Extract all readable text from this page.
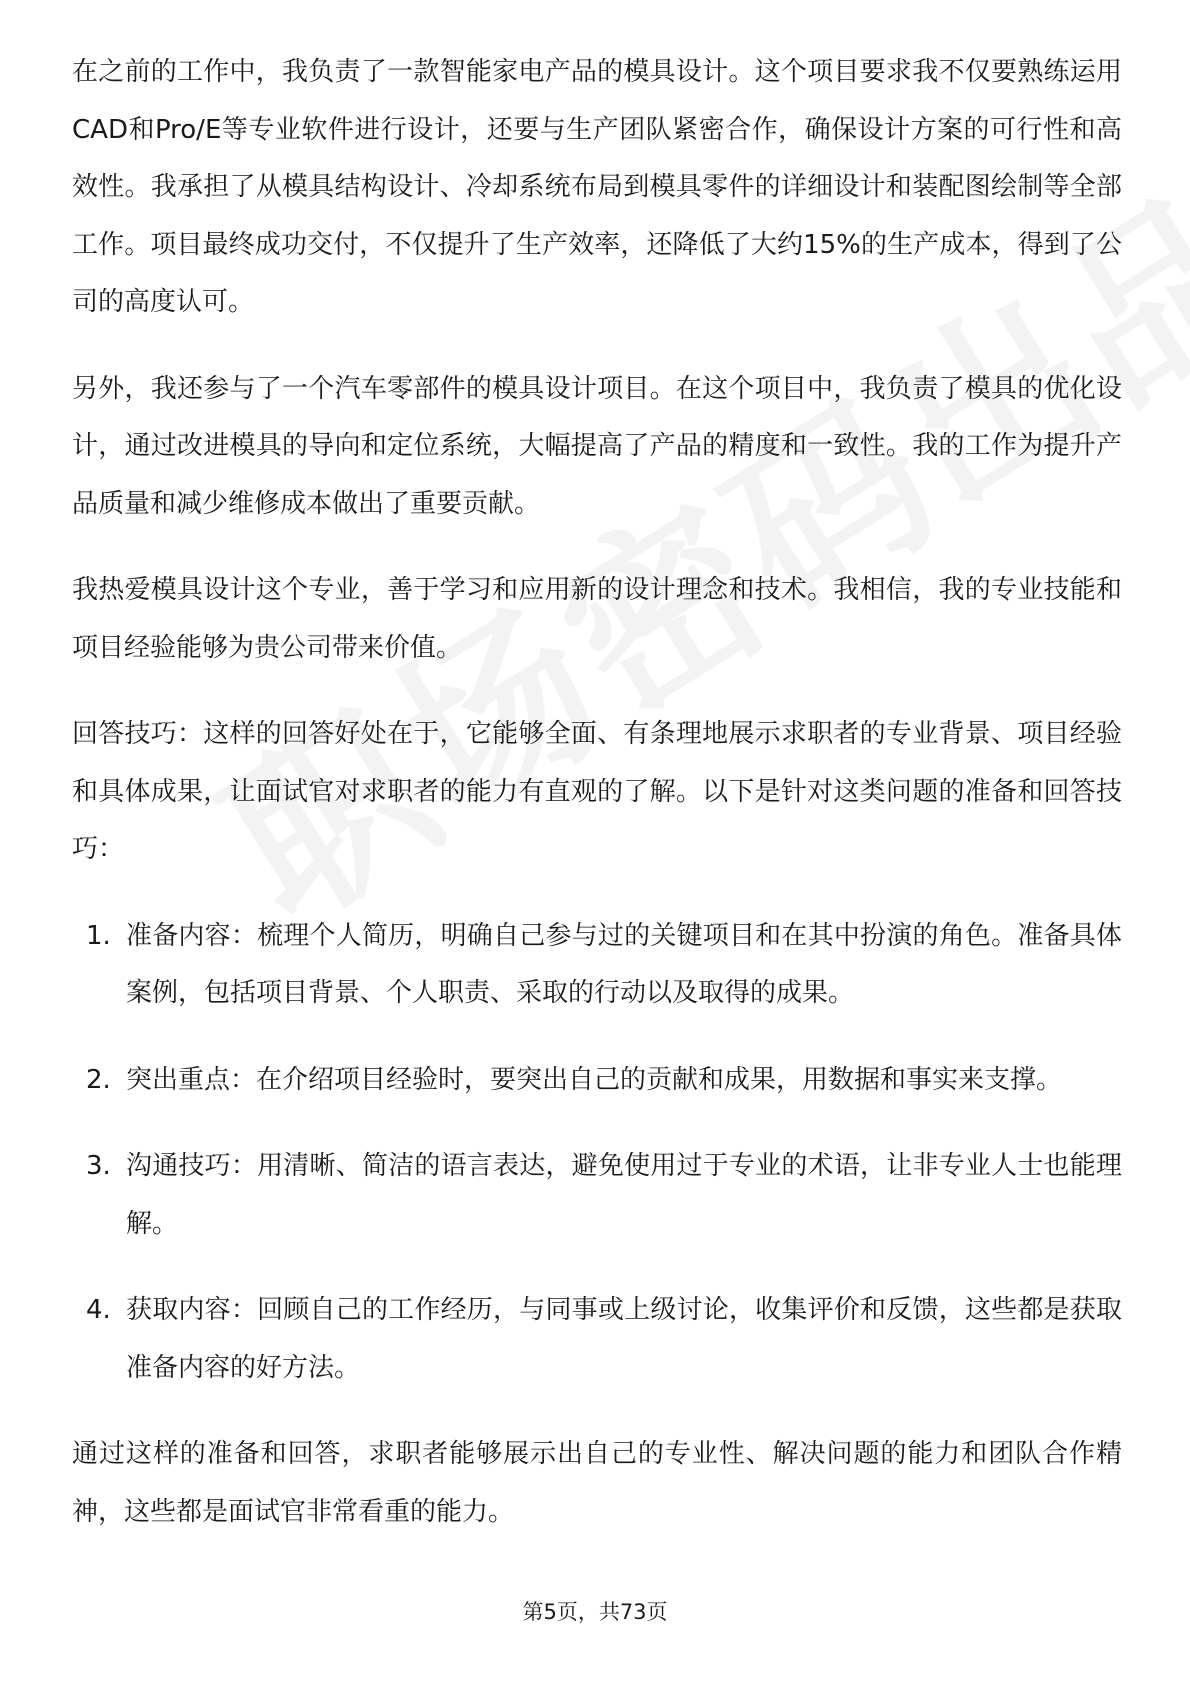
在之前的工作中，我负责了一款智能家电产品的模具设计。这个项目要求我不仅要熟练运用CAD和Pro/E等专业软件进行设计，还要与生产团队紧密合作，确保设计方案的可行性和高效性。我承担了从模具结构设计、冷却系统布局到模具零件的详细设计和装配图绘制等全部工作。项目最终成功交付，不仅提升了生产效率，还降低了大约15%的生产成本，得到了公司的高度认可。

另外，我还参与了一个汽车零部件的模具设计项目。在这个项目中，我负责了模具的优化设计，通过改进模具的导向和定位系统，大幅提高了产品的精度和一致性。我的工作为提升产品质量和减少维修成本做出了重要贡献。

我热爱模具设计这个专业，善于学习和应用新的设计理念和技术。我相信，我的专业技能和项目经验能够为贵公司带来价值。

回答技巧：这样的回答好处在于，它能够全面、有条理地展示求职者的专业背景、项目经验和具体成果，让面试官对求职者的能力有直观的了解。以下是针对这类问题的准备和回答技巧：

1. 准备内容：梳理个人简历，明确自己参与过的关键项目和在其中扮演的角色。准备具体案例，包括项目背景、个人职责、采取的行动以及取得的成果。
2. 突出重点：在介绍项目经验时，要突出自己的贡献和成果，用数据和事实来支撑。
3. 沟通技巧：用清晰、简洁的语言表达，避免使用过于专业的术语，让非专业人士也能理解。
4. 获取内容：回顾自己的工作经历，与同事或上级讨论，收集评价和反馈，这些都是获取准备内容的好方法。

通过这样的准备和回答，求职者能够展示出自己的专业性、解决问题的能力和团队合作精神，这些都是面试官非常看重的能力。

第5页，共73页
